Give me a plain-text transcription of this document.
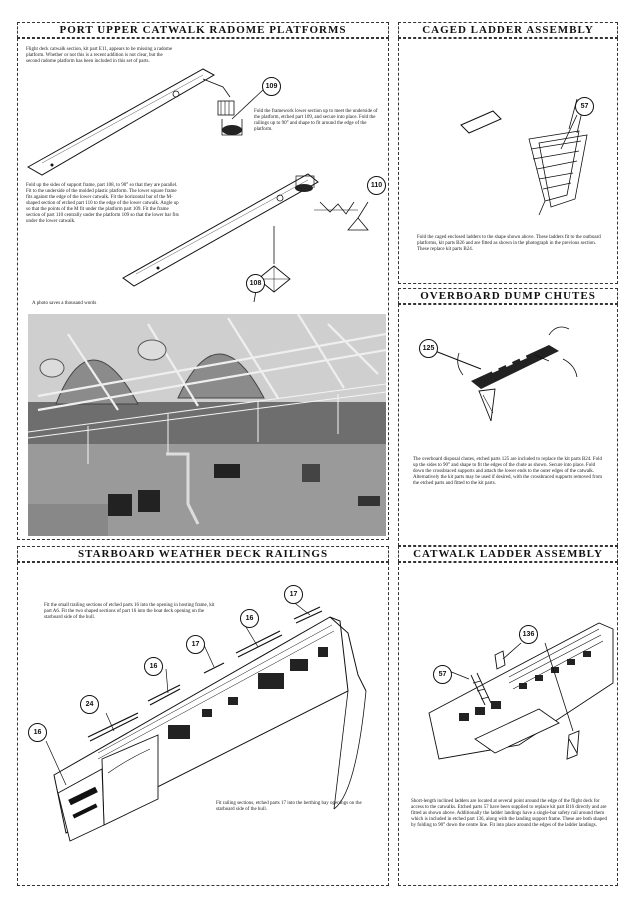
PORT UPPER CATWALK RADOME PLATFORMS
Flight deck catwalk section, kit part E11, appears to be missing a radome platform. Whether or not this is a recent addition is not clear, but the second radome platform has been included in this set of parts.
109
Fold the framework lower section up to meet the underside of the platform, etched part 109, and secure into place. Fold the railings up to 90° and shape to fit around the edge of the platform.
Fold up the sides of support frame, part 108, to 90° so that they are parallel. Fit to the underside of the molded plastic platform. The lower square frame fits against the edge of the lower catwalk. Fit the horizontal bar of the M-shaped section of etched part 110 to the edge of the lower catwalk. Angle up so that the points of the M fit under the platform part 109. Fit the frame section of part 110 centrally under the platform 109 so that the lower bar fits under the lower catwalk.
110
108
A photo saves a thousand words
CAGED LADDER ASSEMBLY
57
Fold the caged enclosed ladders to the shape shown above. These ladders fit to the outboard platforms, kit parts B26 and are fitted as shown in the photograph in the previous section. These replace kit parts B24.
OVERBOARD DUMP CHUTES
125
The overboard disposal chutes, etched parts 125 are included to replace the kit parts B24. Fold up the sides to 90° and shape to fit the edges of the chute as shown. Secure into place. Fold down the crossbraced supports and attach the lower ends to the outer edges of the catwalk. Alternatively the kit parts may be used if desired, with the crossbraced supports removed from the etched parts and fitted to the kit parts.
STARBOARD WEATHER DECK RAILINGS
Fit the small trailing sections of etched parts 16 into the opening in hosting frame, kit part A6. Fit the two shaped sections of part 16 into the boat deck opening on the starboard side of the hull.
17
16
17
16
24
16
Fit railing sections, etched parts 17 into the berthing bay openings on the starboard side of the hull.
CATWALK LADDER ASSEMBLY
136
57
Short-length inclined ladders are located at several point around the edge of the flight deck for access to the catwalks. Etched parts 57 have been supplied to replace kit part B16 directly and are fitted as shown above. Additionally the ladder landings have a single-bar safety rail around them which is included in etched part 136, along with the landing support frame. These are both shaped by folding to 90° down the centre line. Fit into place around the edges of the ladder landings.
